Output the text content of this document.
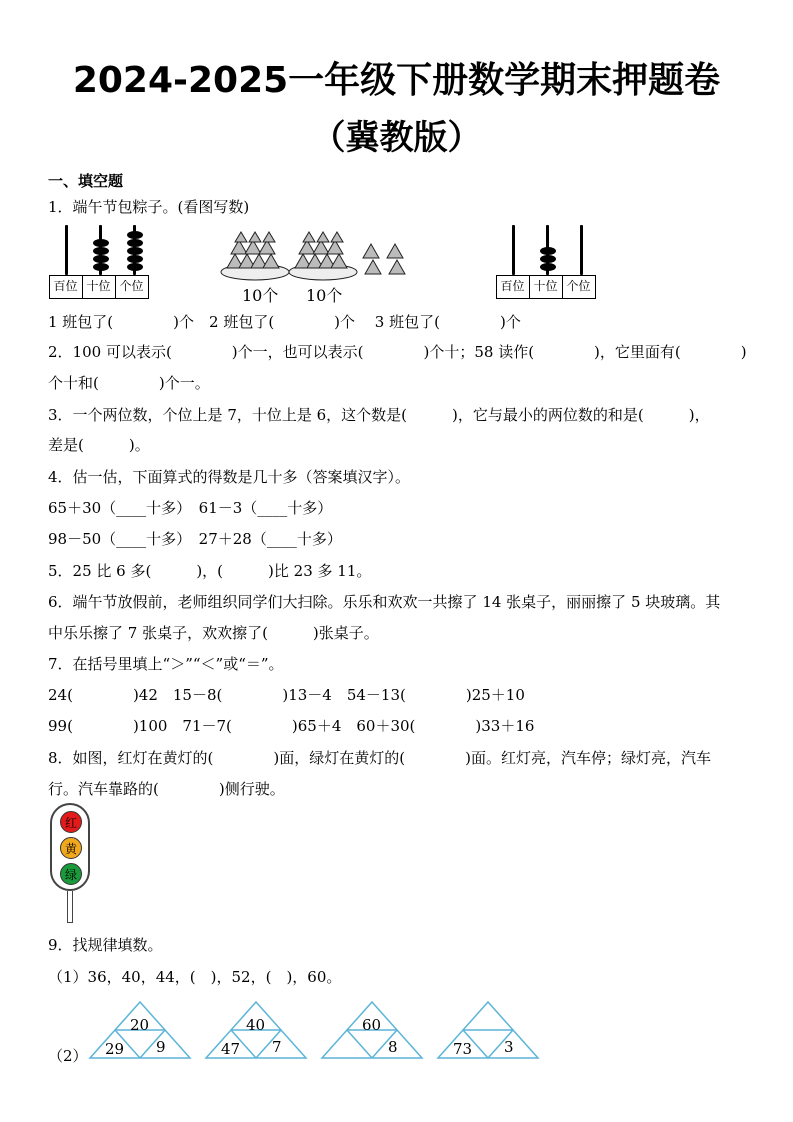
2024-2025一年级下册数学期末押题卷
（冀教版）
一、填空题
1．端午节包粽子。(看图写数)
百位 十位 个位	10个 10个	百位 十位 个位
1 班包了(　　　　)个　2 班包了(　　　　)个　 3 班包了(　　　　)个
2．100 可以表示(　　　　)个一，也可以表示(　　　　)个十；58 读作(　　　　)，它里面有(　　　　)
个十和(　　　　)个一。
3．一个两位数，个位上是 7，十位上是 6，这个数是(　　　)，它与最小的两位数的和是(　　　)，
差是(　　　)。
4．估一估，下面算式的得数是几十多（答案填汉字）。
65＋30（____十多）　61－3（____十多）
98－50（____十多）　27＋28（____十多）
5．25 比 6 多(　　　)，(　　　)比 23 多 11。
6．端午节放假前，老师组织同学们大扫除。乐乐和欢欢一共擦了 14 张桌子，丽丽擦了 5 块玻璃。其
中乐乐擦了 7 张桌子，欢欢擦了(　　　)张桌子。
7．在括号里填上“＞”“＜”或“＝”。
24(　　　　)42　15－8(　　　　)13－4　54－13(　　　　)25＋10
99(　　　　)100　71－7(　　　　)65＋4　60＋30(　　　　)33＋16
8．如图，红灯在黄灯的(　　　　)面，绿灯在黄灯的(　　　　)面。红灯亮，汽车停；绿灯亮，汽车
行。汽车靠路的(　　　　)侧行驶。
红
黄
绿
9．找规律填数。
（1）36，40，44，(　)，52，(　)，60。
（2）
20
29 9
40
47 7
60
8	73 3
